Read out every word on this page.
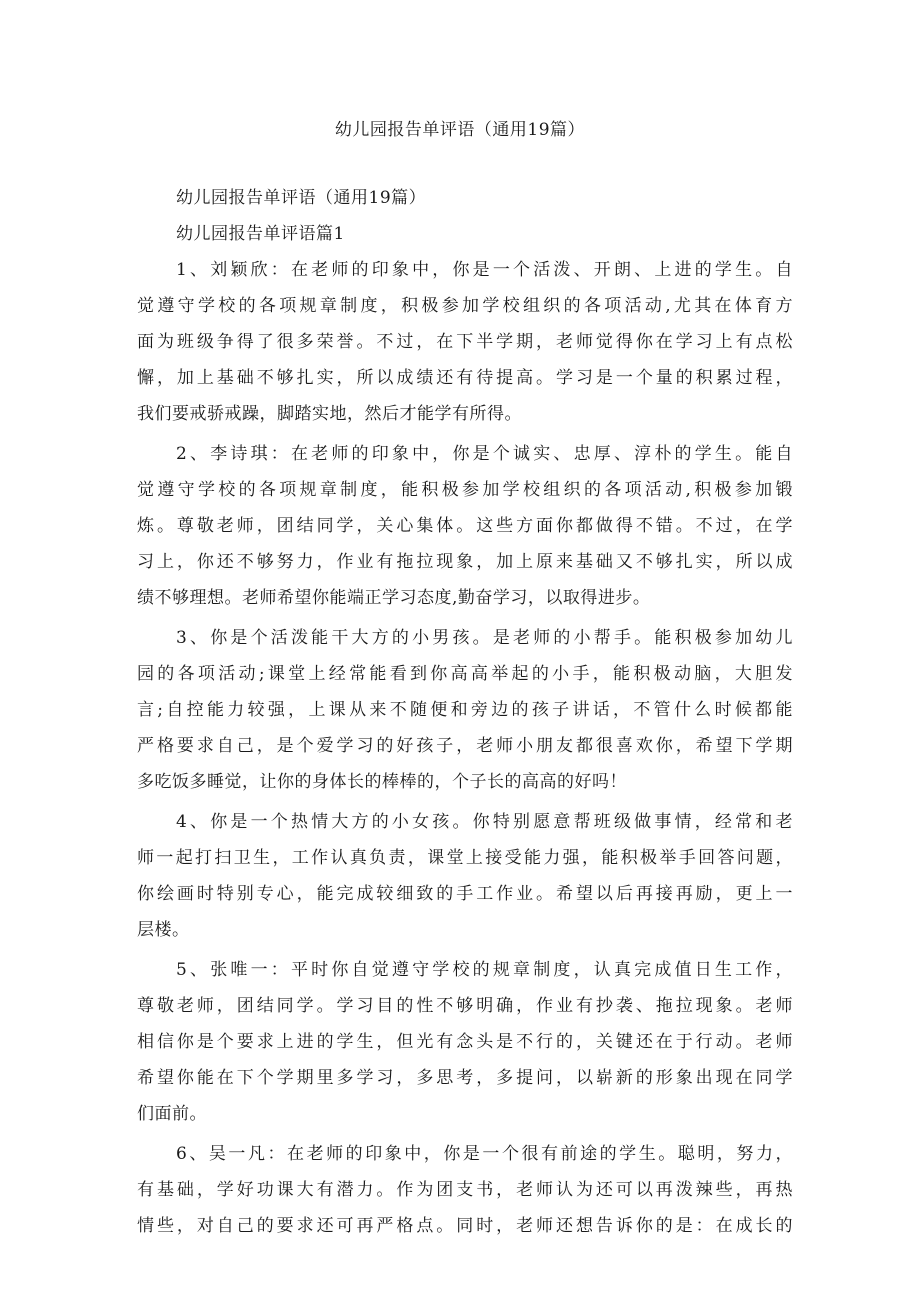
幼儿园报告单评语（通用19篇）

幼儿园报告单评语（通用19篇）

幼儿园报告单评语篇1

1、刘颖欣：在老师的印象中，你是一个活泼、开朗、上进的学生。自
觉遵守学校的各项规章制度，积极参加学校组织的各项活动,尤其在体育方
面为班级争得了很多荣誉。不过，在下半学期，老师觉得你在学习上有点松
懈，加上基础不够扎实，所以成绩还有待提高。学习是一个量的积累过程，
我们要戒骄戒躁，脚踏实地，然后才能学有所得。
2、李诗琪：在老师的印象中，你是个诚实、忠厚、淳朴的学生。能自
觉遵守学校的各项规章制度，能积极参加学校组织的各项活动,积极参加锻
炼。尊敬老师，团结同学，关心集体。这些方面你都做得不错。不过，在学
习上，你还不够努力，作业有拖拉现象，加上原来基础又不够扎实，所以成
绩不够理想。老师希望你能端正学习态度,勤奋学习，以取得进步。
3、你是个活泼能干大方的小男孩。是老师的小帮手。能积极参加幼儿
园的各项活动;课堂上经常能看到你高高举起的小手，能积极动脑，大胆发
言;自控能力较强，上课从来不随便和旁边的孩子讲话，不管什么时候都能
严格要求自己，是个爱学习的好孩子，老师小朋友都很喜欢你，希望下学期
多吃饭多睡觉，让你的身体长的棒棒的，个子长的高高的好吗！
4、你是一个热情大方的小女孩。你特别愿意帮班级做事情，经常和老
师一起打扫卫生，工作认真负责，课堂上接受能力强，能积极举手回答问题，
你绘画时特别专心，能完成较细致的手工作业。希望以后再接再励，更上一
层楼。
5、张唯一：平时你自觉遵守学校的规章制度，认真完成值日生工作，
尊敬老师，团结同学。学习目的性不够明确，作业有抄袭、拖拉现象。老师
相信你是个要求上进的学生，但光有念头是不行的，关键还在于行动。老师
希望你能在下个学期里多学习，多思考，多提问，以崭新的形象出现在同学
们面前。
6、吴一凡：在老师的印象中，你是一个很有前途的学生。聪明，努力，
有基础，学好功课大有潜力。作为团支书，老师认为还可以再泼辣些，再热
情些，对自己的要求还可再严格点。同时，老师还想告诉你的是：在成长的
